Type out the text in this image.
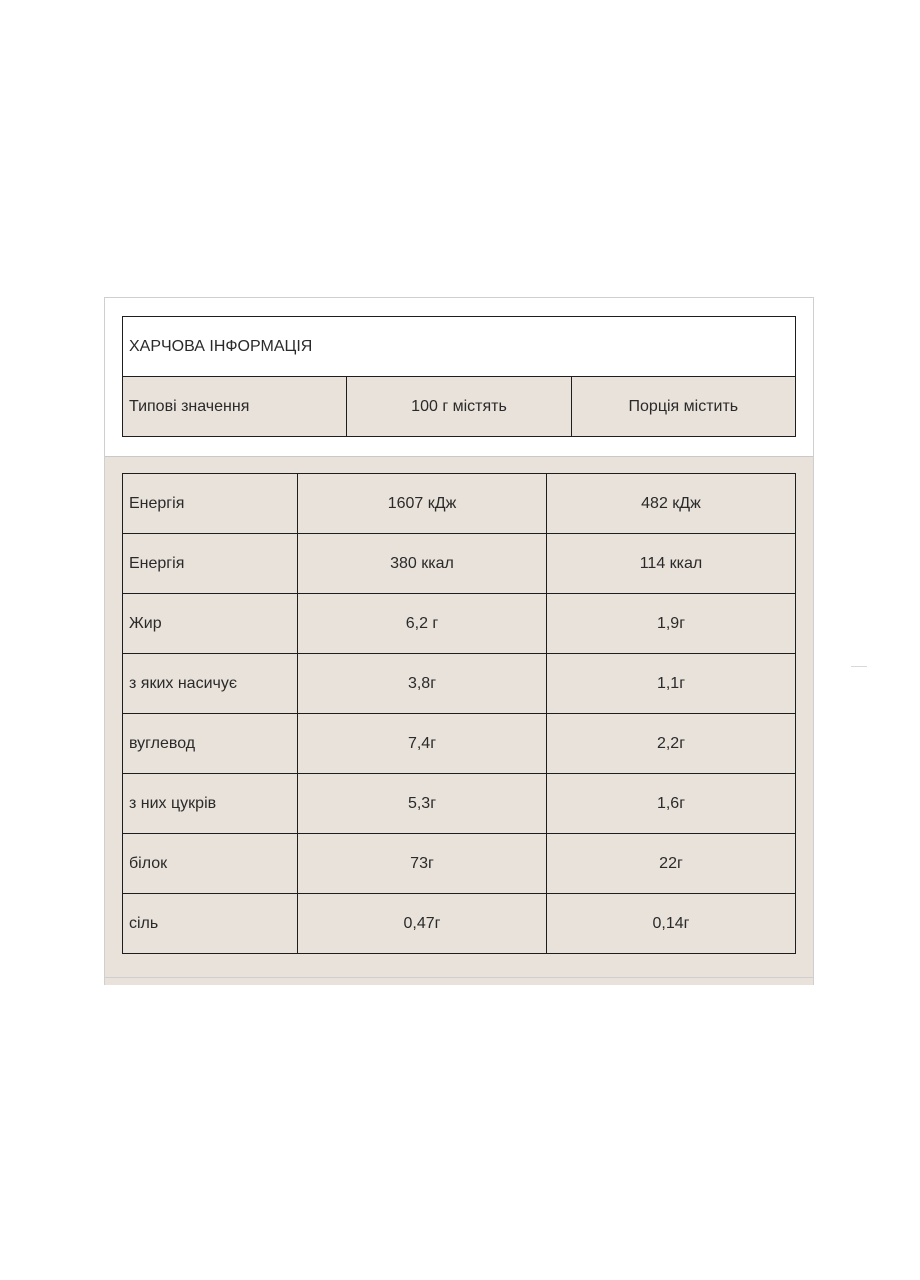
ХАРЧОВА ІНФОРМАЦІЯ
Типові значення	100 г містять	Порція містить
Енергія	1607 кДж	482 кДж
Енергія	380 ккал	114 ккал
Жир	6,2 г	1,9г
з яких насичує	3,8г	1,1г
вуглевод	7,4г	2,2г
з них цукрів	5,3г	1,6г
білок	73г	22г
сіль	0,47г	0,14г
